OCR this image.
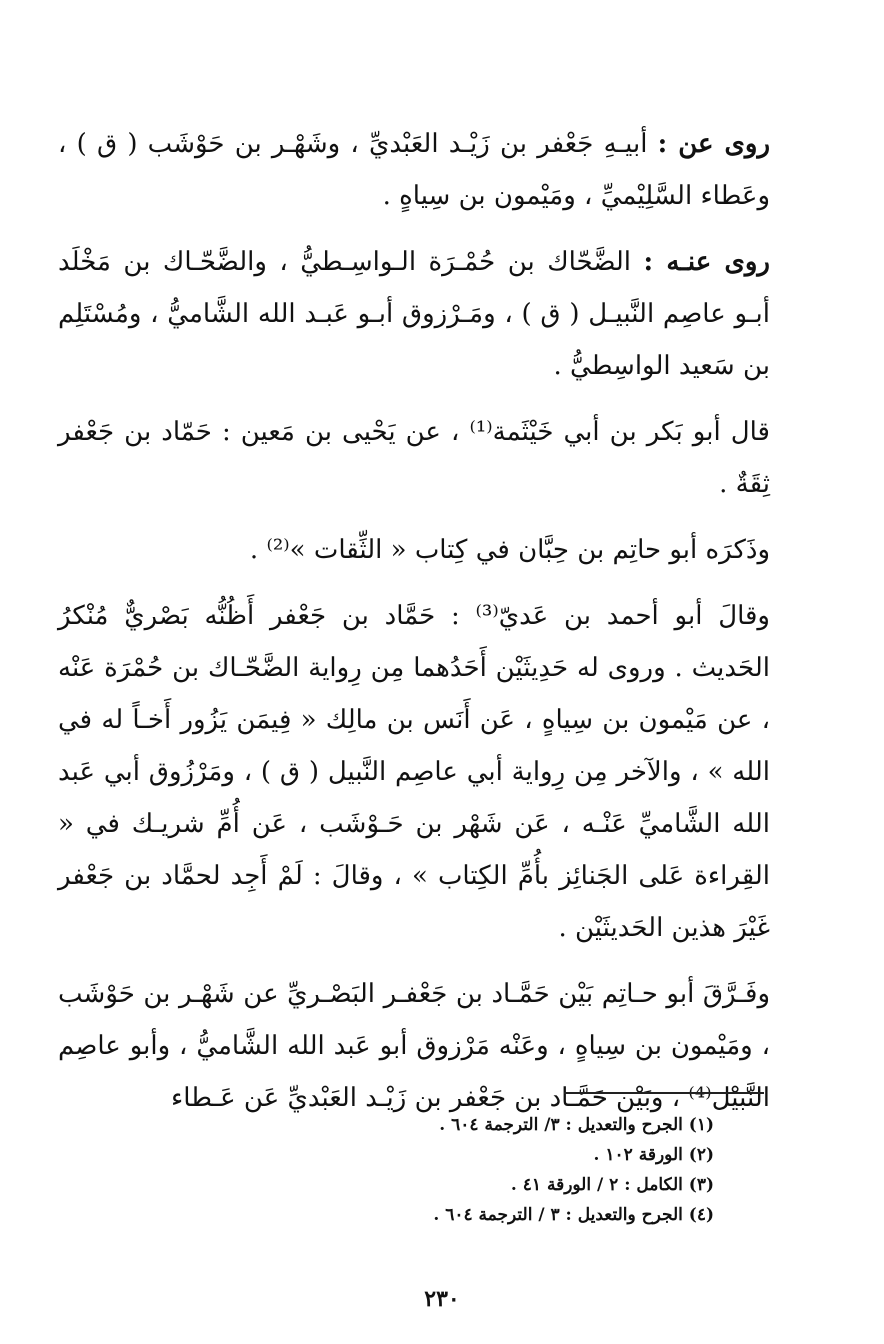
روى عن : أبيـهِ جَعْفر بن زَيْـد العَبْديِّ ، وشَهْـر بن حَوْشَب ( ق ) ، وعَطاء السَّلِيْميِّ ، ومَيْمون بن سِياهٍ .

روى عنـه : الضَّحّاك بن حُمْـرَة الـواسِـطيُّ ، والضَّحّـاك بن مَخْلَد أبـو عاصِم النَّبيـل ( ق ) ، ومَـرْزوق أبـو عَبـد الله الشَّاميُّ ، ومُسْتَلِم بن سَعيد الواسِطيُّ .

قال أبو بَكر بن أبي خَيْثَمة⁽¹⁾ ، عن يَحْيى بن مَعين : حَمّاد بن جَعْفر ثِقَةٌ .

وذَكرَه أبو حاتِم بن حِبَّان في كِتاب « الثِّقات »⁽²⁾ .

وقالَ أبو أحمد بن عَديّ⁽³⁾ : حَمَّاد بن جَعْفر أَظُنُّه بَصْريٌّ مُنْكرُ الحَديث . وروى له حَدِيثَيْن أَحَدُهما مِن رِواية الضَّحّـاك بن حُمْرَة عَنْه ، عن مَيْمون بن سِياهٍ ، عَن أَنَس بن مالِك « فِيمَن يَزُور أَخـاً له في الله » ، والآخر مِن رِواية أبي عاصِم النَّبيل ( ق ) ، ومَرْزُوق أبي عَبد الله الشَّاميِّ عَنْـه ، عَن شَهْر بن حَـوْشَب ، عَن أُمِّ شريـك في « القِراءة عَلى الجَنائِز بأُمِّ الكِتاب » ، وقالَ : لَمْ أَجِد لحمَّاد بن جَعْفر غَيْرَ هذين الحَديثَيْن .

وفَـرَّقَ أبو حـاتِم بَيْن حَمَّـاد بن جَعْفـر البَصْـريِّ عن شَهْـر بن حَوْشَب ، ومَيْمون بن سِياهٍ ، وعَنْه مَرْزوق أبو عَبد الله الشَّاميُّ ، وأبو عاصِم النَّبيْل⁽⁴⁾ ، وبَيْن حَمَّـاد بن جَعْفر بن زَيْـد العَبْديِّ عَن عَـطاء

(١) الجرح والتعديل : ٣/ الترجمة ٦٠٤ .
(٢) الورقة ١٠٢ .
(٣) الكامل : ٢ / الورقة ٤١ .
(٤) الجرح والتعديل : ٣ / الترجمة ٦٠٤ .
٢٣٠
